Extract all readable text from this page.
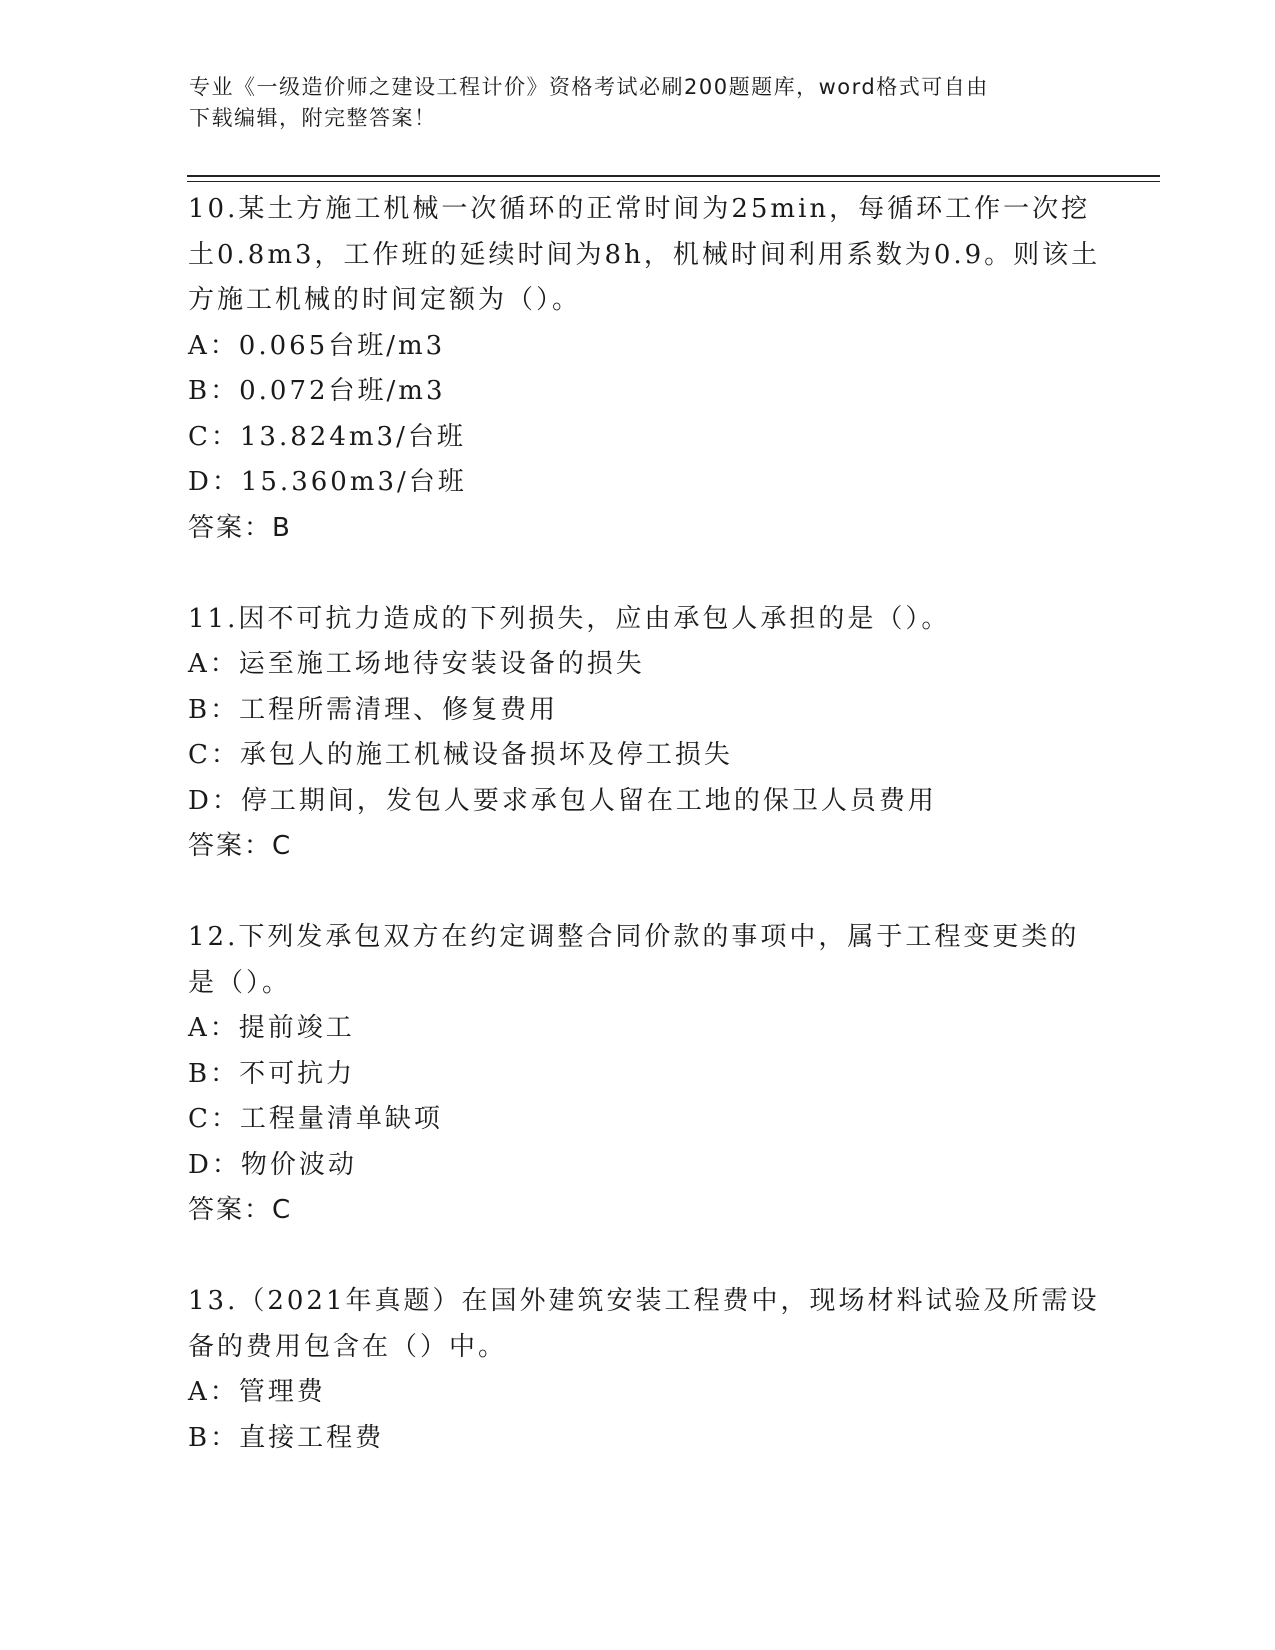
专业《一级造价师之建设工程计价》资格考试必刷200题题库，word格式可自由
下载编辑，附完整答案！
10.某土方施工机械一次循环的正常时间为25min，每循环工作一次挖
土0.8m3，工作班的延续时间为8h，机械时间利用系数为0.9。则该土
方施工机械的时间定额为（）。
A：0.065台班/m3
B：0.072台班/m3
C：13.824m3/台班
D：15.360m3/台班
答案：B
11.因不可抗力造成的下列损失，应由承包人承担的是（）。
A：运至施工场地待安装设备的损失
B：工程所需清理、修复费用
C：承包人的施工机械设备损坏及停工损失
D：停工期间，发包人要求承包人留在工地的保卫人员费用
答案：C
12.下列发承包双方在约定调整合同价款的事项中，属于工程变更类的
是（）。
A：提前竣工
B：不可抗力
C：工程量清单缺项
D：物价波动
答案：C
13.（2021年真题）在国外建筑安装工程费中，现场材料试验及所需设
备的费用包含在（）中。
A：管理费
B：直接工程费
